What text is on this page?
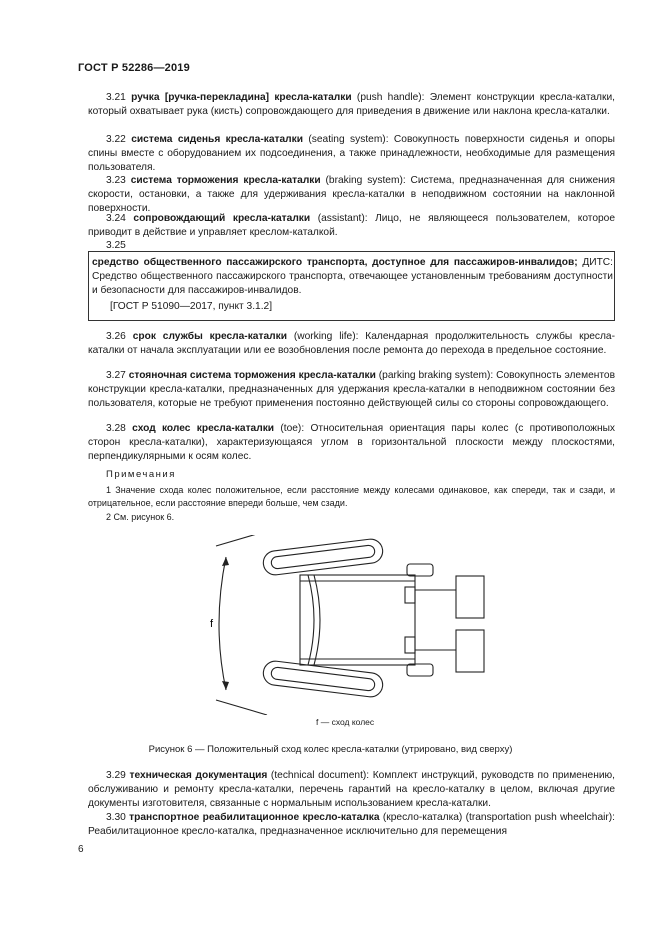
ГОСТ Р 52286—2019
3.21 ручка [ручка-перекладина] кресла-каталки (push handle): Элемент конструкции кресла-каталки, который охватывает рука (кисть) сопровождающего для приведения в движение или наклона кресла-каталки.
3.22 система сиденья кресла-каталки (seating system): Совокупность поверхности сиденья и опоры спины вместе с оборудованием их подсоединения, а также принадлежности, необходимые для размещения пользователя.
3.23 система торможения кресла-каталки (braking system): Система, предназначенная для снижения скорости, остановки, а также для удерживания кресла-каталки в неподвижном состоянии на наклонной поверхности.
3.24 сопровождающий кресла-каталки (assistant): Лицо, не являющееся пользователем, которое приводит в действие и управляет креслом-каталкой.
3.25
средство общественного пассажирского транспорта, доступное для пассажиров-инвалидов; ДИТС: Средство общественного пассажирского транспорта, отвечающее установленным требованиям доступности и безопасности для пассажиров-инвалидов.
[ГОСТ Р 51090—2017, пункт 3.1.2]
3.26 срок службы кресла-каталки (working life): Календарная продолжительность службы кресла-каталки от начала эксплуатации или ее возобновления после ремонта до перехода в предельное состояние.
3.27 стояночная система торможения кресла-каталки (parking braking system): Совокупность элементов конструкции кресла-каталки, предназначенных для удержания кресла-каталки в неподвижном состоянии без пользователя, которые не требуют применения постоянно действующей силы со стороны сопровождающего.
3.28 сход колес кресла-каталки (toe): Относительная ориентация пары колес (с противоположных сторон кресла-каталки), характеризующаяся углом в горизонтальной плоскости между плоскостями, перпендикулярными к осям колес.
Примечания
1 Значение схода колес положительное, если расстояние между колесами одинаковое, как спереди, так и сзади, и отрицательное, если расстояние впереди больше, чем сзади.
2 См. рисунок 6.
f
f — сход колес
Рисунок 6 — Положительный сход колес кресла-каталки (утрировано, вид сверху)
3.29 техническая документация (technical document): Комплект инструкций, руководств по применению, обслуживанию и ремонту кресла-каталки, перечень гарантий на кресло-каталку в целом, включая другие документы изготовителя, связанные с нормальным использованием кресла-каталки.
3.30 транспортное реабилитационное кресло-каталка (кресло-каталка) (transportation push wheelchair): Реабилитационное кресло-каталка, предназначенное исключительно для перемещения
6
